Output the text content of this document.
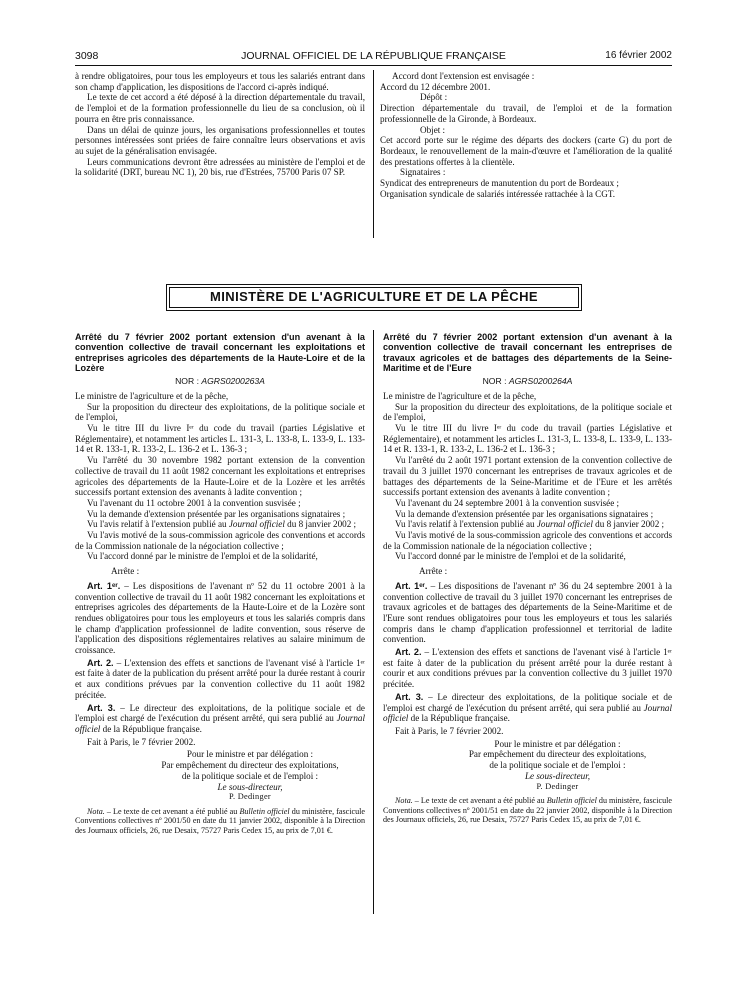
3098	JOURNAL OFFICIEL DE LA RÉPUBLIQUE FRANÇAISE	16 février 2002

à rendre obligatoires, pour tous les employeurs et tous les salariés entrant dans son champ d'application, les dispositions de l'accord ci-après indiqué.

Le texte de cet accord a été déposé à la direction départementale du travail, de l'emploi et de la formation professionnelle du lieu de sa conclusion, où il pourra en être pris connaissance.

Dans un délai de quinze jours, les organisations professionnelles et toutes personnes intéressées sont priées de faire connaître leurs observations et avis au sujet de la généralisation envisagée.

Leurs communications devront être adressées au ministère de l'emploi et de la solidarité (DRT, bureau NC 1), 20 bis, rue d'Estrées, 75700 Paris 07 SP.

Accord dont l'extension est envisagée :

Accord du 12 décembre 2001.

Dépôt :

Direction départementale du travail, de l'emploi et de la formation professionnelle de la Gironde, à Bordeaux.

Objet :

Cet accord porte sur le régime des départs des dockers (carte G) du port de Bordeaux, le renouvellement de la main-d'œuvre et l'amélioration de la qualité des prestations offertes à la clientèle.

Signataires :

Syndicat des entrepreneurs de manutention du port de Bordeaux ;

Organisation syndicale de salariés intéressée rattachée à la CGT.

MINISTÈRE DE L'AGRICULTURE ET DE LA PÊCHE

Arrêté du 7 février 2002 portant extension d'un avenant à la convention collective de travail concernant les exploitations et entreprises agricoles des départements de la Haute-Loire et de la Lozère

NOR : AGRS0200263A

Le ministre de l'agriculture et de la pêche,

Sur la proposition du directeur des exploitations, de la politique sociale et de l'emploi,

Vu le titre III du livre Iᵉʳ du code du travail (parties Législative et Réglementaire), et notamment les articles L. 131-3, L. 133-8, L. 133-9, L. 133-14 et R. 133-1, R. 133-2, L. 136-2 et L. 136-3 ;

Vu l'arrêté du 30 novembre 1982 portant extension de la convention collective de travail du 11 août 1982 concernant les exploitations et entreprises agricoles des départements de la Haute-Loire et de la Lozère et les arrêtés successifs portant extension des avenants à ladite convention ;

Vu l'avenant du 11 octobre 2001 à la convention susvisée ;

Vu la demande d'extension présentée par les organisations signataires ;

Vu l'avis relatif à l'extension publié au Journal officiel du 8 janvier 2002 ;

Vu l'avis motivé de la sous-commission agricole des conventions et accords de la Commission nationale de la négociation collective ;

Vu l'accord donné par le ministre de l'emploi et de la solidarité,

Arrête :

Art. 1ᵉʳ. – Les dispositions de l'avenant nº 52 du 11 octobre 2001 à la convention collective de travail du 11 août 1982 concernant les exploitations et entreprises agricoles des départements de la Haute-Loire et de la Lozère sont rendues obligatoires pour tous les employeurs et tous les salariés compris dans le champ d'application professionnel de ladite convention, sous réserve de l'application des dispositions réglementaires relatives au salaire minimum de croissance.

Art. 2. – L'extension des effets et sanctions de l'avenant visé à l'article 1ᵉʳ est faite à dater de la publication du présent arrêté pour la durée restant à courir et aux conditions prévues par la convention collective du 11 août 1982 précitée.

Art. 3. – Le directeur des exploitations, de la politique sociale et de l'emploi est chargé de l'exécution du présent arrêté, qui sera publié au Journal officiel de la République française.

Fait à Paris, le 7 février 2002.

Pour le ministre et par délégation :

Par empêchement du directeur des exploitations,

de la politique sociale et de l'emploi :

Le sous-directeur,

P. Dedinger

Nota. – Le texte de cet avenant a été publié au Bulletin officiel du ministère, fascicule Conventions collectives nº 2001/50 en date du 11 janvier 2002, disponible à la Direction des Journaux officiels, 26, rue Desaix, 75727 Paris Cedex 15, au prix de 7,01 €.

Arrêté du 7 février 2002 portant extension d'un avenant à la convention collective de travail concernant les entreprises de travaux agricoles et de battages des départements de la Seine-Maritime et de l'Eure

NOR : AGRS0200264A

Le ministre de l'agriculture et de la pêche,

Sur la proposition du directeur des exploitations, de la politique sociale et de l'emploi,

Vu le titre III du livre Iᵉʳ du code du travail (parties Législative et Réglementaire), et notamment les articles L. 131-3, L. 133-8, L. 133-9, L. 133-14 et R. 133-1, R. 133-2, L. 136-2 et L. 136-3 ;

Vu l'arrêté du 2 août 1971 portant extension de la convention collective de travail du 3 juillet 1970 concernant les entreprises de travaux agricoles et de battages des départements de la Seine-Maritime et de l'Eure et les arrêtés successifs portant extension des avenants à ladite convention ;

Vu l'avenant du 24 septembre 2001 à la convention susvisée ;

Vu la demande d'extension présentée par les organisations signataires ;

Vu l'avis relatif à l'extension publié au Journal officiel du 8 janvier 2002 ;

Vu l'avis motivé de la sous-commission agricole des conventions et accords de la Commission nationale de la négociation collective ;

Vu l'accord donné par le ministre de l'emploi et de la solidarité,

Arrête :

Art. 1ᵉʳ. – Les dispositions de l'avenant nº 36 du 24 septembre 2001 à la convention collective de travail du 3 juillet 1970 concernant les entreprises de travaux agricoles et de battages des départements de la Seine-Maritime et de l'Eure sont rendues obligatoires pour tous les employeurs et tous les salariés compris dans le champ d'application professionnel et territorial de ladite convention.

Art. 2. – L'extension des effets et sanctions de l'avenant visé à l'article 1ᵉʳ est faite à dater de la publication du présent arrêté pour la durée restant à courir et aux conditions prévues par la convention collective du 3 juillet 1970 précitée.

Art. 3. – Le directeur des exploitations, de la politique sociale et de l'emploi est chargé de l'exécution du présent arrêté, qui sera publié au Journal officiel de la République française.

Fait à Paris, le 7 février 2002.

Pour le ministre et par délégation :

Par empêchement du directeur des exploitations,

de la politique sociale et de l'emploi :

Le sous-directeur,

P. Dedinger

Nota. – Le texte de cet avenant a été publié au Bulletin officiel du ministère, fascicule Conventions collectives nº 2001/51 en date du 22 janvier 2002, disponible à la Direction des Journaux officiels, 26, rue Desaix, 75727 Paris Cedex 15, au prix de 7,01 €.
